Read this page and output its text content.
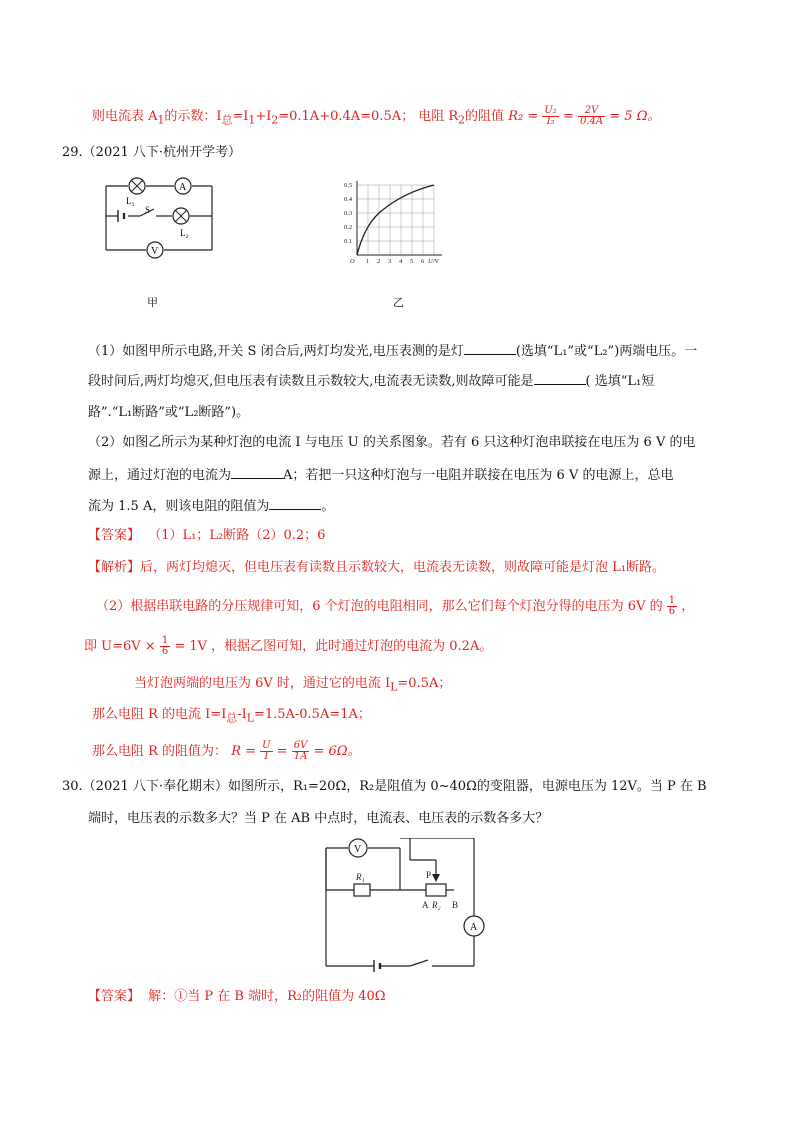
则电流表 $A_1$的示数：$I_总=I_1+I_2=0.1A+0.4A=0.5A$； 电阻 $R_2$的阻值 $R_2 = \frac{\text{U₂}}{\text{I₂}} = \frac{2V}{0.4A} = 5$ Ω。
29.（2021 八下·杭州开学考）
A
V
L₁
S
L₂
甲
0.5
0.4
0.3
0.2
0.1
O 1 2 3 4 5 6 U/V
乙
（1）如图甲所示电路,开关 S 闭合后,两灯均发光,电压表测的是灯	(选填“L₁”或“L₂”)两端电压。一
段时间后,两灯均熄灭,但电压表有读数且示数较大,电流表无读数,则故障可能是	( 选填“L₁短
路”.“L₁断路”或“L₂断路”)。
（2）如图乙所示为某种灯泡的电流 I 与电压 U 的关系图象。若有 6 只这种灯泡串联接在电压为 6 V 的电
源上，通过灯泡的电流为	A；若把一只这种灯泡与一电阻并联接在电压为 6 V 的电源上，总电
流为 1.5 A，则该电阻的阻值为	。
【答案】 （1）L₁；L₂断路（2）0.2；6
【解析】后，两灯均熄灭，但电压表有读数且示数较大，电流表无读数，则故障可能是灯泡 L₁断路。
（2）根据串联电路的分压规律可知，6 个灯泡的电阻相同，那么它们每个灯泡分得的电压为 6V 的 $\frac{1}{6}$ ，
即 $U=6V \times \frac{1}{6} = 1V$ ，根据乙图可知，此时通过灯泡的电流为 0.2A。
当灯泡两端的电压为 6V 时，通过它的电流 $I_L=0.5A$；
那么电阻 R 的电流 $I=I_总-I_L=1.5A-0.5A=1A$；
那么电阻 R 的阻值为： $R = \frac{U}{I} = \frac{6V}{1A} = 6\Omega$。
30.（2021 八下·奉化期末）如图所示，R₁=20Ω，R₂是阻值为 0~40Ω的变阻器，电源电压为 12V。当 P 在 B
端时，电压表的示数多大？当 P 在 AB 中点时，电流表、电压表的示数各多大？
V
A
R₁	P
A R₂ B
【答案】 解：①当 P 在 B 端时，R₂的阻值为 40Ω
